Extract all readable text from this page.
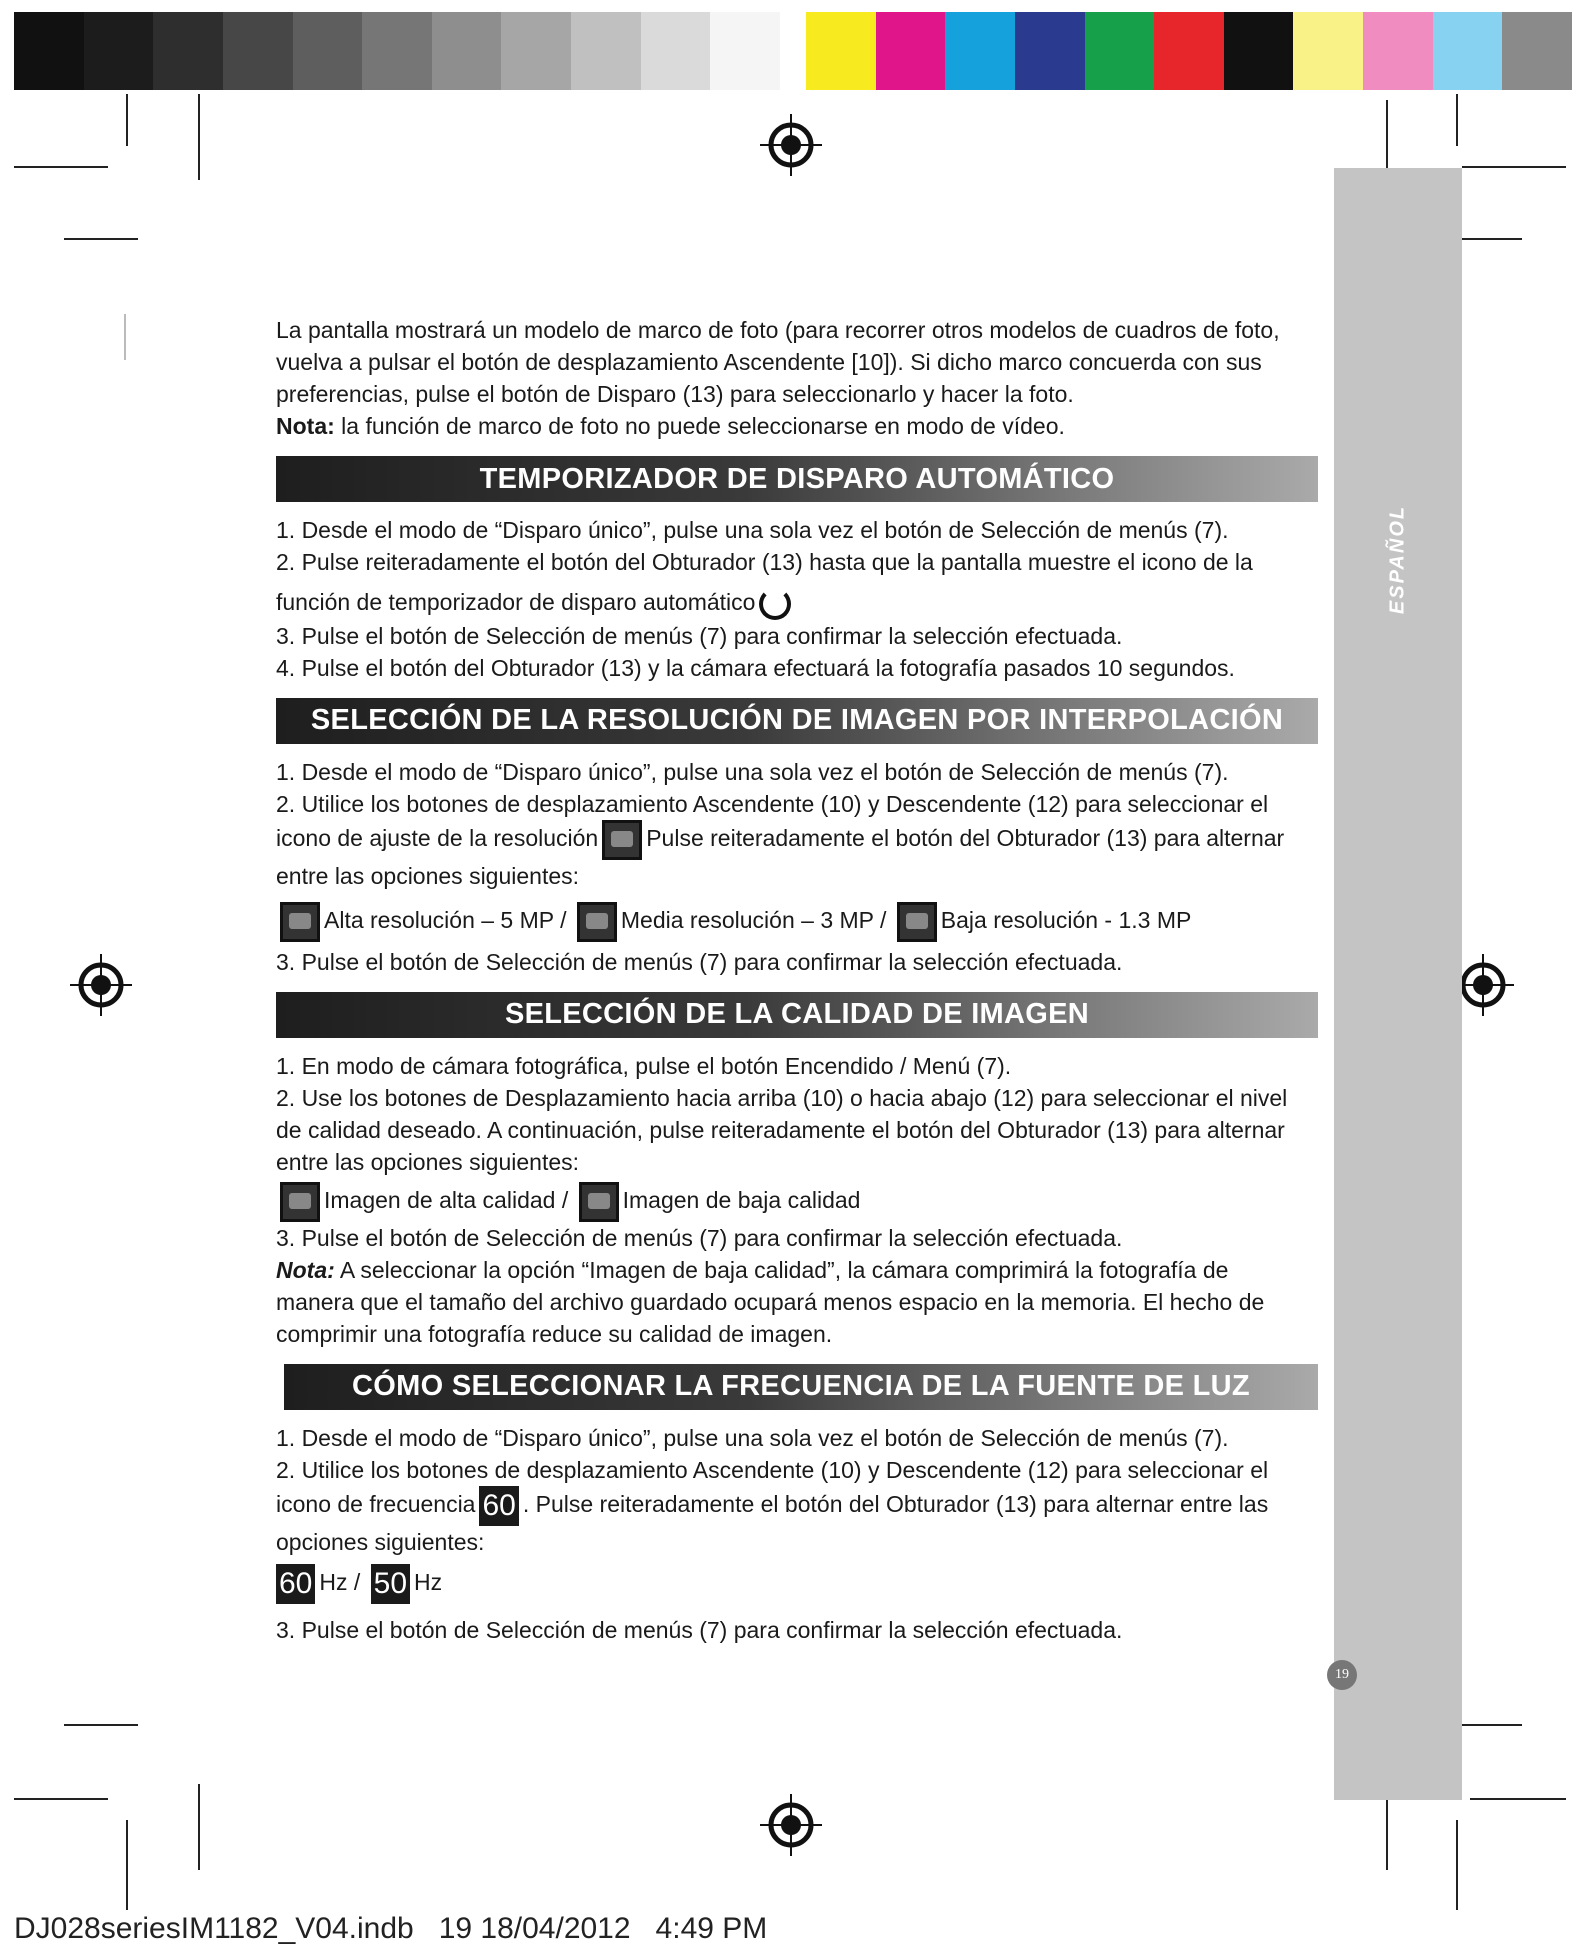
ESPAÑOL
19

La pantalla mostrará un modelo de marco de foto (para recorrer otros modelos de cuadros de foto,

vuelva a pulsar el botón de desplazamiento Ascendente [10]). Si dicho marco concuerda con sus

preferencias, pulse el botón de Disparo (13) para seleccionarlo y hacer la foto.

Nota: la función de marco de foto no puede seleccionarse en modo de vídeo.

TEMPORIZADOR DE DISPARO AUTOMÁTICO

1. Desde el modo de “Disparo único”, pulse una sola vez el botón de Selección de menús (7).

2. Pulse reiteradamente el botón del Obturador (13) hasta que la pantalla muestre el icono de la

función de temporizador de disparo automático

3. Pulse el botón de Selección de menús (7) para confirmar la selección efectuada.

4. Pulse el botón del Obturador (13) y la cámara efectuará la fotografía pasados 10 segundos.

SELECCIÓN DE LA RESOLUCIÓN DE IMAGEN POR INTERPOLACIÓN

1. Desde el modo de “Disparo único”, pulse una sola vez el botón de Selección de menús (7).

2. Utilice los botones de desplazamiento Ascendente (10) y Descendente (12) para seleccionar el

icono de ajuste de la resolución Pulse reiteradamente el botón del Obturador (13) para alternar

entre las opciones siguientes:

Alta resolución – 5 MP / Media resolución – 3 MP / Baja resolución - 1.3 MP

3. Pulse el botón de Selección de menús (7) para confirmar la selección efectuada.

SELECCIÓN DE LA CALIDAD DE IMAGEN

1. En modo de cámara fotográfica, pulse el botón Encendido / Menú (7).

2. Use los botones de Desplazamiento hacia arriba (10) o hacia abajo (12) para seleccionar el nivel

de calidad deseado. A continuación, pulse reiteradamente el botón del Obturador (13) para alternar

entre las opciones siguientes:

Imagen de alta calidad / Imagen de baja calidad

3. Pulse el botón de Selección de menús (7) para confirmar la selección efectuada.

Nota: A seleccionar la opción “Imagen de baja calidad”, la cámara comprimirá la fotografía de

manera que el tamaño del archivo guardado ocupará menos espacio en la memoria. El hecho de

comprimir una fotografía reduce su calidad de imagen.

CÓMO SELECCIONAR LA FRECUENCIA DE LA FUENTE DE LUZ

1. Desde el modo de “Disparo único”, pulse una sola vez el botón de Selección de menús (7).

2. Utilice los botones de desplazamiento Ascendente (10) y Descendente (12) para seleccionar el

icono de frecuencia 60 . Pulse reiteradamente el botón del Obturador (13) para alternar entre las

opciones siguientes:

60 Hz / 50 Hz

3. Pulse el botón de Selección de menús (7) para confirmar la selección efectuada.

DJ028seriesIM1182_V04.indb   19 18/04/2012   4:49 PM
